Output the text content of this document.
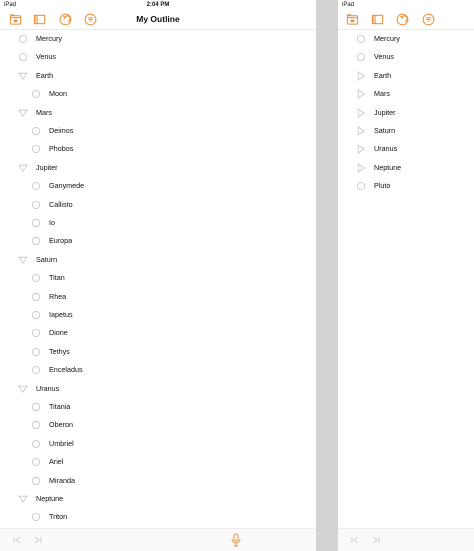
iPad	2:04 PM
My Outline
Mercury
Venus
Earth
Moon
Mars
Deimos
Phobos
Jupiter
Ganymede
Callisto
Io
Europa
Saturn
Titan
Rhea
Iapetus
Dione
Tethys
Enceladus
Uranus
Titania
Oberon
Umbriel
Ariel
Miranda
Neptune
Triton
iPad
Mercury
Venus
Earth
Mars
Jupiter
Saturn
Uranus
Neptune
Pluto
